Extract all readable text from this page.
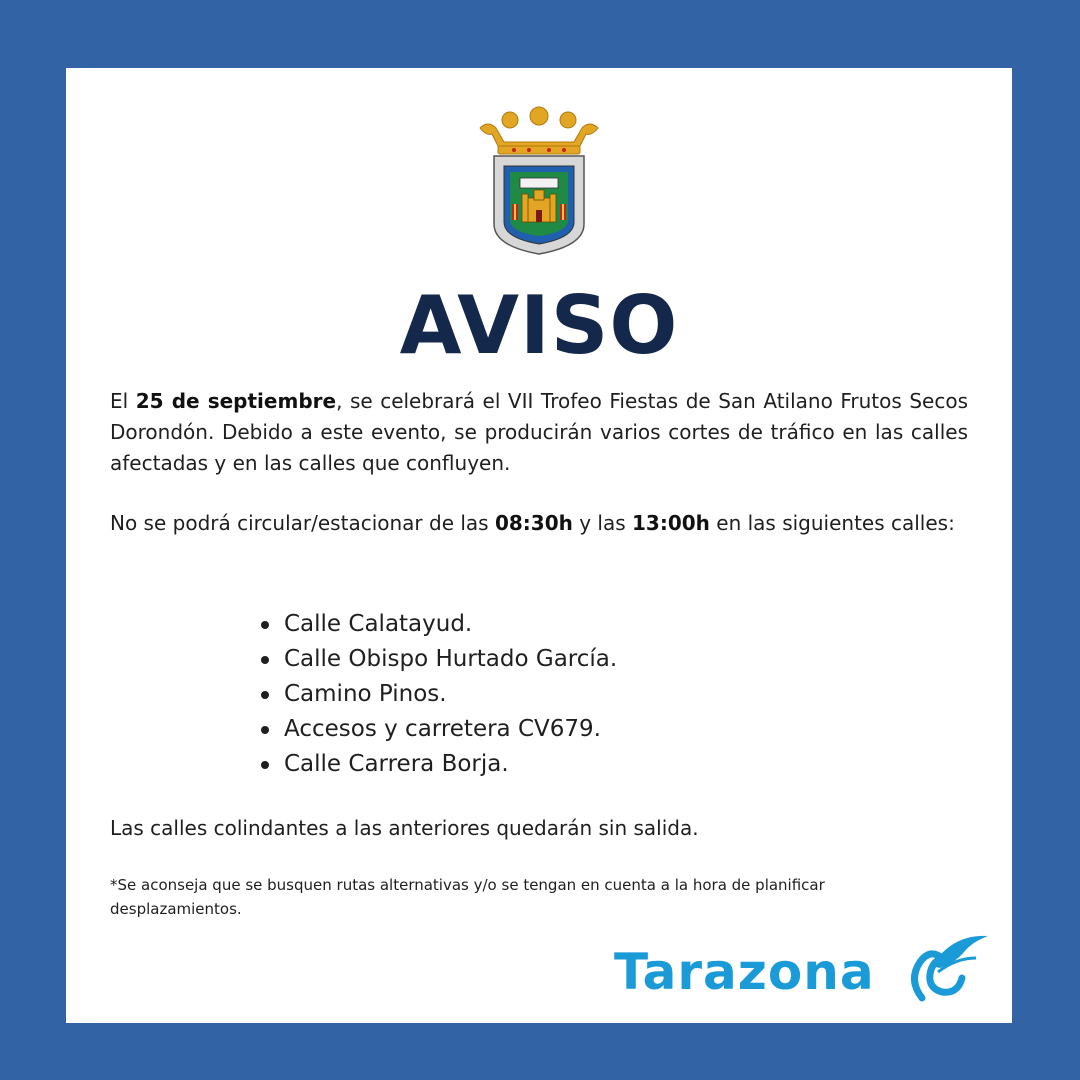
AVISO

El 25 de septiembre, se celebrará el VII Trofeo Fiestas de San Atilano Frutos Secos Dorondón. Debido a este evento, se producirán varios cortes de tráfico en las calles afectadas y en las calles que confluyen.

No se podrá circular/estacionar de las 08:30h y las 13:00h en las siguientes calles:

Calle Calatayud.
Calle Obispo Hurtado García.
Camino Pinos.
Accesos y carretera CV679.
Calle Carrera Borja.

Las calles colindantes a las anteriores quedarán sin salida.

*Se aconseja que se busquen rutas alternativas y/o se tengan en cuenta a la hora de planificar desplazamientos.

Tarazona
